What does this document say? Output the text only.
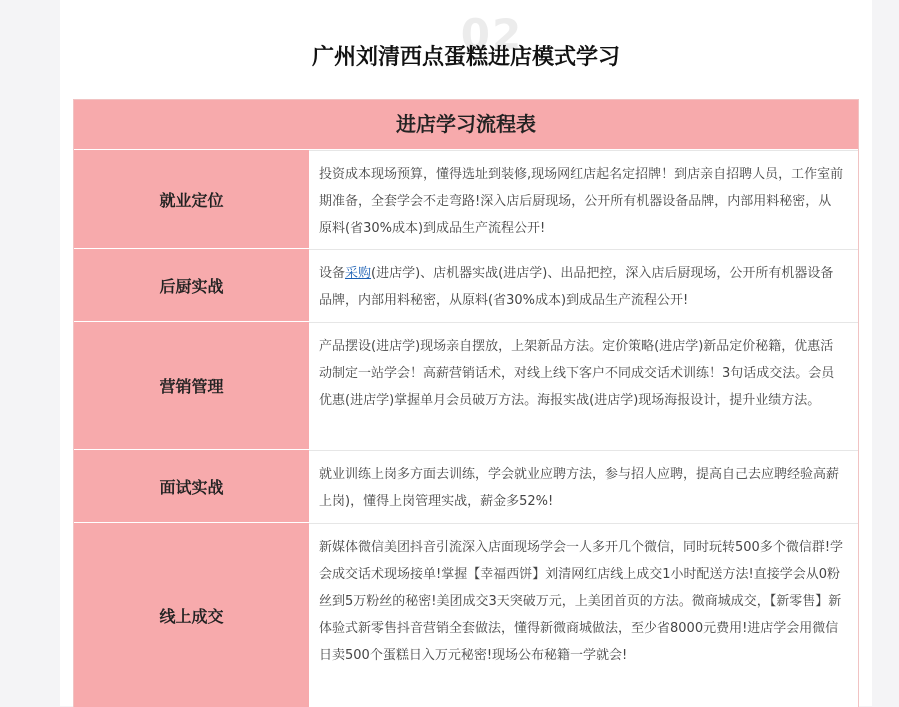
02
广州刘清西点蛋糕进店模式学习
进店学习流程表
就业定位
投资成本现场预算，懂得选址到装修,现场网红店起名定招牌！到店亲自招聘人员，工作室前期准备，全套学会不走弯路!深入店后厨现场，公开所有机器设备品牌，内部用料秘密，从原料(省30%成本)到成品生产流程公开!
后厨实战
设备采购(进店学)、店机器实战(进店学)、出品把控，深入店后厨现场，公开所有机器设备品牌，内部用料秘密，从原料(省30%成本)到成品生产流程公开!
营销管理
产品摆设(进店学)现场亲自摆放，上架新品方法。定价策略(进店学)新品定价秘籍，优惠活动制定一站学会！高薪营销话术，对线上线下客户不同成交话术训练！3句话成交法。会员优惠(进店学)掌握单月会员破万方法。海报实战(进店学)现场海报设计，提升业绩方法。
面试实战
就业训练上岗多方面去训练，学会就业应聘方法，参与招人应聘，提高自己去应聘经验高薪上岗)，懂得上岗管理实战，薪金多52%!
线上成交
新媒体微信美团抖音引流深入店面现场学会一人多开几个微信，同时玩转500多个微信群!学会成交话术现场接单!掌握【幸福西饼】刘清网红店线上成交1小时配送方法!直接学会从0粉丝到5万粉丝的秘密!美团成交3天突破万元，上美团首页的方法。微商城成交，【新零售】新体验式新零售抖音营销全套做法，懂得新微商城做法，至少省8000元费用!进店学会用微信日卖500个蛋糕日入万元秘密!现场公布秘籍一学就会!
